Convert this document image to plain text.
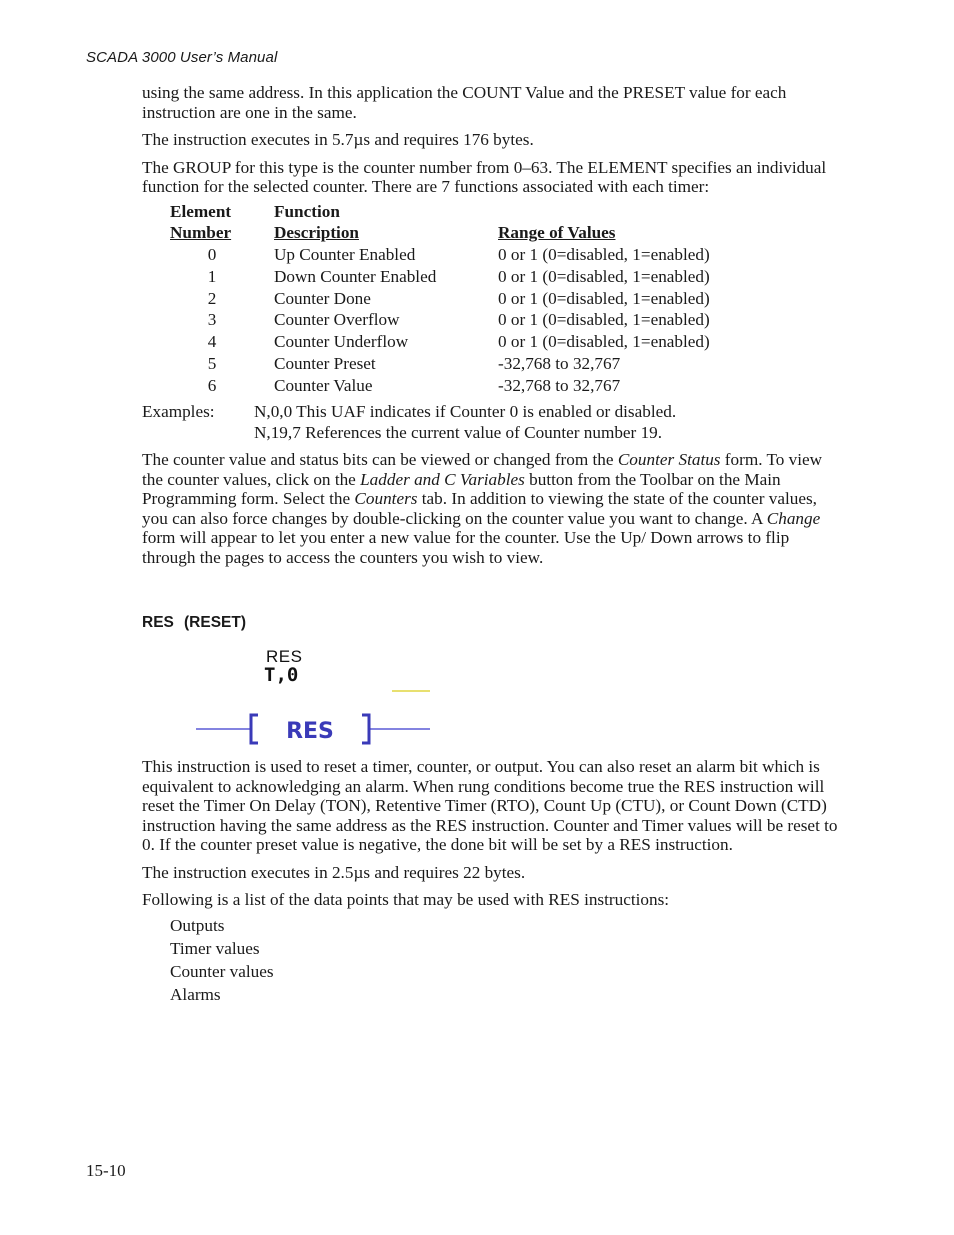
SCADA 3000 User’s Manual

using the same address. In this application the COUNT Value and the PRESET value for each instruction are one in the same.

The instruction executes in 5.7µs and requires 176 bytes.

The GROUP for this type is the counter number from 0–63. The ELEMENT specifies an individual function for the selected counter. There are 7 functions associated with each timer:

Element	Function	
Number	Description	Range of Values
0	Up Counter Enabled	0 or 1 (0=disabled, 1=enabled)
1	Down Counter Enabled	0 or 1 (0=disabled, 1=enabled)
2	Counter Done	0 or 1 (0=disabled, 1=enabled)
3	Counter Overflow	0 or 1 (0=disabled, 1=enabled)
4	Counter Underflow	0 or 1 (0=disabled, 1=enabled)
5	Counter Preset	-32,768 to 32,767
6	Counter Value	-32,768 to 32,767
Examples:	N,0,0 This UAF indicates if Counter 0 is enabled or disabled.
N,19,7 References the current value of Counter number 19.

The counter value and status bits can be viewed or changed from the Counter Status form. To view the counter values, click on the Ladder and C Variables button from the Toolbar on the Main Programming form. Select the Counters tab. In addition to viewing the state of the counter values, you can also force changes by double-clicking on the counter value you want to change. A Change form will appear to let you enter a new value for the counter. Use the Up/ Down arrows to flip through the pages to access the counters you wish to view.

RES (RESET)
RES
RES
T,0

This instruction is used to reset a timer, counter, or output. You can also reset an alarm bit which is equivalent to acknowledging an alarm. When rung conditions become true the RES instruction will reset the Timer On Delay (TON), Retentive Timer (RTO), Count Up (CTU), or Count Down (CTD) instruction having the same address as the RES instruction. Counter and Timer values will be reset to 0. If the counter preset value is negative, the done bit will be set by a RES instruction.

The instruction executes in 2.5µs and requires 22 bytes.

Following is a list of the data points that may be used with RES instructions:

Outputs
Timer values
Counter values
Alarms
15-10
